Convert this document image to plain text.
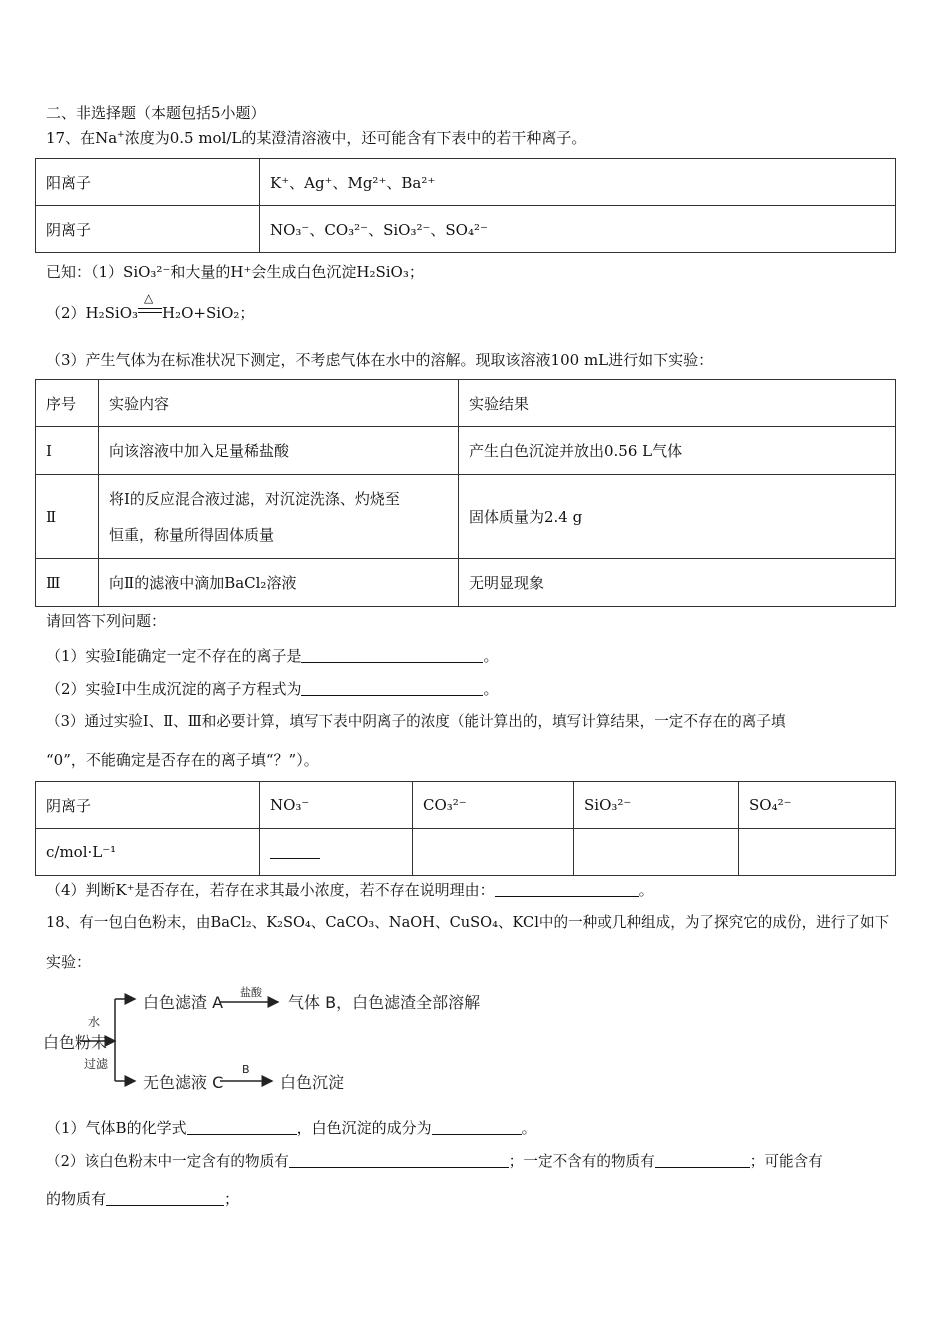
二、非选择题（本题包括5小题）
17、在Na+浓度为0.5 mol/L的某澄清溶液中，还可能含有下表中的若干种离子。
阳离子	K⁺、Ag⁺、Mg²⁺、Ba²⁺
阴离子	NO₃⁻、CO₃²⁻、SiO₃²⁻、SO₄²⁻
已知：（1）SiO₃²⁻和大量的H⁺会生成白色沉淀H₂SiO₃；
（2）H₂SiO₃
△
H₂O+SiO₂；
（3）产生气体为在标准状况下测定，不考虑气体在水中的溶解。现取该溶液100 mL进行如下实验：
序号	实验内容	实验结果
Ⅰ	向该溶液中加入足量稀盐酸	产生白色沉淀并放出0.56 L气体
Ⅱ	将Ⅰ的反应混合液过滤，对沉淀洗涤、灼烧至
恒重，称量所得固体质量	固体质量为2.4 g
Ⅲ	向Ⅱ的滤液中滴加BaCl₂溶液	无明显现象
请回答下列问题：
（1）实验Ⅰ能确定一定不存在的离子是	。
（2）实验Ⅰ中生成沉淀的离子方程式为	。
（3）通过实验Ⅰ、Ⅱ、Ⅲ和必要计算，填写下表中阴离子的浓度（能计算出的，填写计算结果，一定不存在的离子填
“0”，不能确定是否存在的离子填“？”）。
阴离子	NO₃⁻	CO₃²⁻	SiO₃²⁻	SO₄²⁻
c/mol·L⁻¹				
（4）判断K⁺是否存在，若存在求其最小浓度，若不存在说明理由：	。
18、有一包白色粉末，由BaCl₂、K₂SO₄、CaCO₃、NaOH、CuSO₄、KCl中的一种或几种组成，为了探究它的成份，进行了如下
实验：
白色粉末
水
过滤
白色滤渣 A
盐酸
气体 B，白色滤渣全部溶解
无色滤液 C
B
白色沉淀
（1）气体B的化学式	，白色沉淀的成分为	。
（2）该白色粉末中一定含有的物质有	；一定不含有的物质有	；可能含有
的物质有	；
